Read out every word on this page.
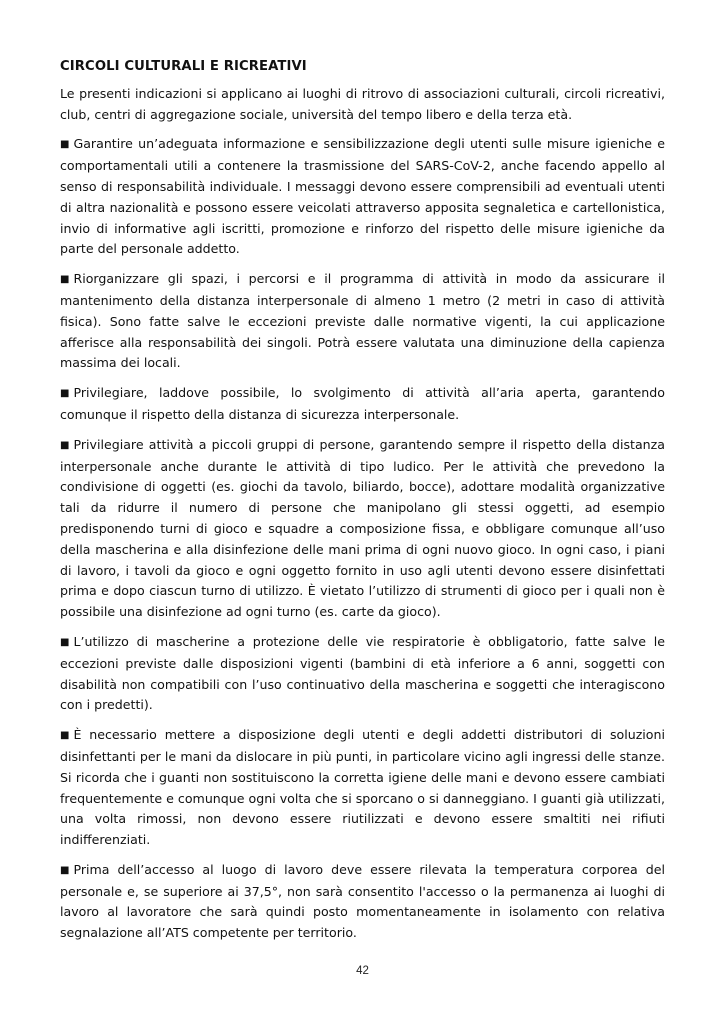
CIRCOLI CULTURALI E RICREATIVI

Le presenti indicazioni si applicano ai luoghi di ritrovo di associazioni culturali, circoli ricreativi, club, centri di aggregazione sociale, università del tempo libero e della terza età.

■ Garantire un’adeguata informazione e sensibilizzazione degli utenti sulle misure igieniche e comportamentali utili a contenere la trasmissione del SARS-CoV-2, anche facendo appello al senso di responsabilità individuale. I messaggi devono essere comprensibili ad eventuali utenti di altra nazionalità e possono essere veicolati attraverso apposita segnaletica e cartellonistica, invio di informative agli iscritti, promozione e rinforzo del rispetto delle misure igieniche da parte del personale addetto.

■ Riorganizzare gli spazi, i percorsi e il programma di attività in modo da assicurare il mantenimento della distanza interpersonale di almeno 1 metro (2 metri in caso di attività fisica). Sono fatte salve le eccezioni previste dalle normative vigenti, la cui applicazione afferisce alla responsabilità dei singoli. Potrà essere valutata una diminuzione della capienza massima dei locali.

■ Privilegiare, laddove possibile, lo svolgimento di attività all’aria aperta, garantendo comunque il rispetto della distanza di sicurezza interpersonale.

■ Privilegiare attività a piccoli gruppi di persone, garantendo sempre il rispetto della distanza interpersonale anche durante le attività di tipo ludico. Per le attività che prevedono la condivisione di oggetti (es. giochi da tavolo, biliardo, bocce), adottare modalità organizzative tali da ridurre il numero di persone che manipolano gli stessi oggetti, ad esempio predisponendo turni di gioco e squadre a composizione fissa, e obbligare comunque all’uso della mascherina e alla disinfezione delle mani prima di ogni nuovo gioco. In ogni caso, i piani di lavoro, i tavoli da gioco e ogni oggetto fornito in uso agli utenti devono essere disinfettati prima e dopo ciascun turno di utilizzo. È vietato l’utilizzo di strumenti di gioco per i quali non è possibile una disinfezione ad ogni turno (es. carte da gioco).

■ L’utilizzo di mascherine a protezione delle vie respiratorie è obbligatorio, fatte salve le eccezioni previste dalle disposizioni vigenti (bambini di età inferiore a 6 anni, soggetti con disabilità non compatibili con l’uso continuativo della mascherina e soggetti che interagiscono con i predetti).

■ È necessario mettere a disposizione degli utenti e degli addetti distributori di soluzioni disinfettanti per le mani da dislocare in più punti, in particolare vicino agli ingressi delle stanze. Si ricorda che i guanti non sostituiscono la corretta igiene delle mani e devono essere cambiati frequentemente e comunque ogni volta che si sporcano o si danneggiano. I guanti già utilizzati, una volta rimossi, non devono essere riutilizzati e devono essere smaltiti nei rifiuti indifferenziati.

■ Prima dell’accesso al luogo di lavoro deve essere rilevata la temperatura corporea del personale e, se superiore ai 37,5°, non sarà consentito l'accesso o la permanenza ai luoghi di lavoro al lavoratore che sarà quindi posto momentaneamente in isolamento con relativa segnalazione all’ATS competente per territorio.

42
